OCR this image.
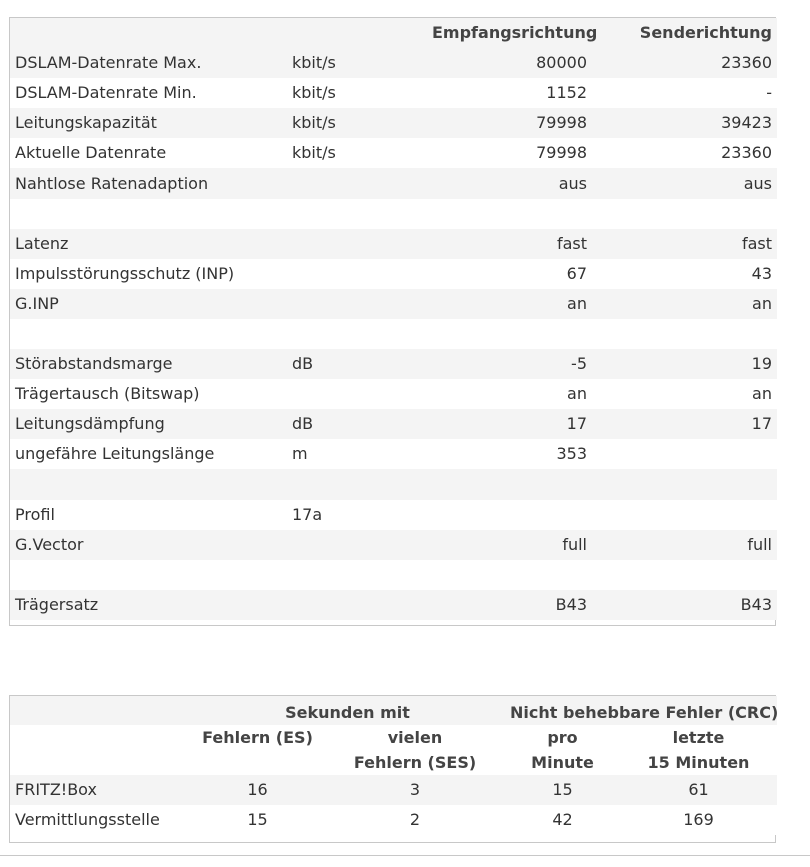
		Empfangsrichtung	Senderichtung
DSLAM-Datenrate Max.	kbit/s	80000	23360
DSLAM-Datenrate Min.	kbit/s	1152	-
Leitungskapazität	kbit/s	79998	39423
Aktuelle Datenrate	kbit/s	79998	23360
Nahtlose Ratenadaption		aus	aus

Latenz		fast	fast
Impulsstörungsschutz (INP)		67	43
G.INP		an	an

Störabstandsmarge	dB	-5	19
Trägertausch (Bitswap)		an	an
Leitungsdämpfung	dB	17	17
ungefähre Leitungslänge	m	353	

Profil	17a		
G.Vector		full	full

Trägersatz		B43	B43
	Sekunden mit		Nicht behebbare Fehler (CRC)	
	Fehlern (ES)	vielen	pro	letzte
		Fehlern (SES)	Minute	15 Minuten
FRITZ!Box	16	3	15	61
Vermittlungsstelle	15	2	42	169
